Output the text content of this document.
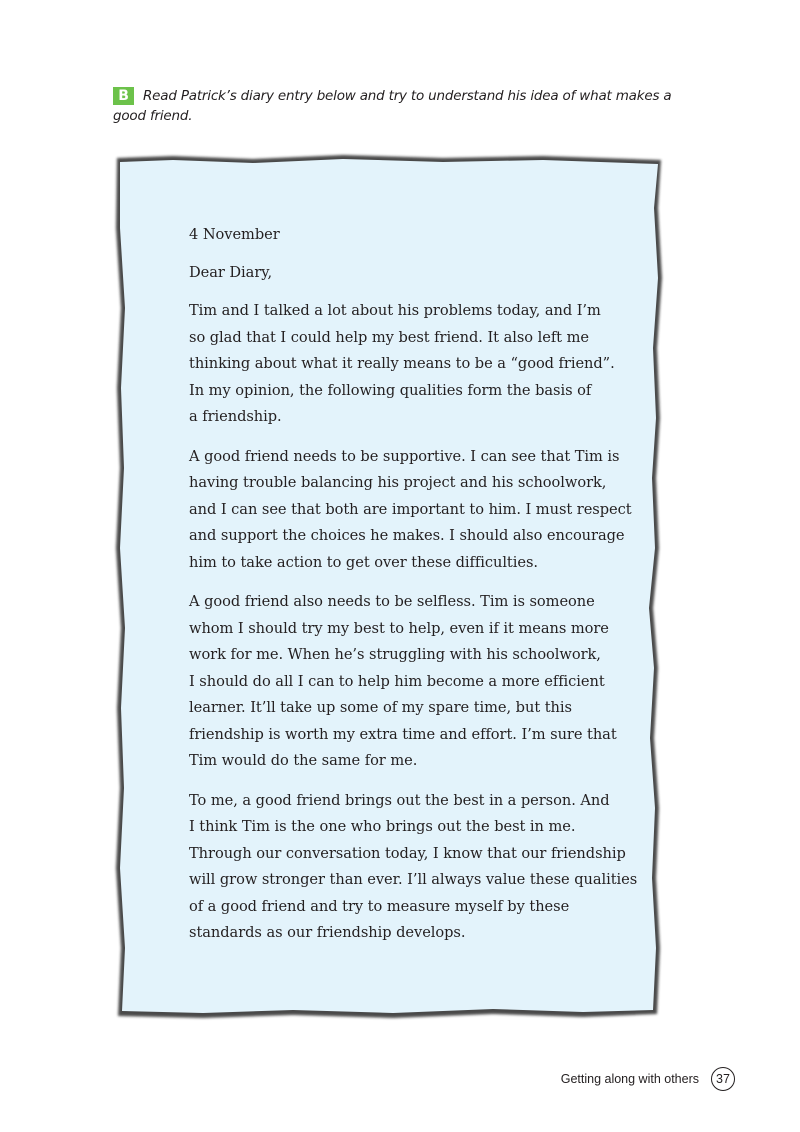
B Read Patrick’s diary entry below and try to understand his idea of what makes a good friend.

4 November

Dear Diary,

Tim and I talked a lot about his problems today, and I’m
so glad that I could help my best friend. It also left me
thinking about what it really means to be a “good friend”.
In my opinion, the following qualities form the basis of
a friendship.

A good friend needs to be supportive. I can see that Tim is
having trouble balancing his project and his schoolwork,
and I can see that both are important to him. I must respect
and support the choices he makes. I should also encourage
him to take action to get over these difficulties.

A good friend also needs to be selfless. Tim is someone
whom I should try my best to help, even if it means more
work for me. When he’s struggling with his schoolwork,
I should do all I can to help him become a more efficient
learner. It’ll take up some of my spare time, but this
friendship is worth my extra time and effort. I’m sure that
Tim would do the same for me.

To me, a good friend brings out the best in a person. And
I think Tim is the one who brings out the best in me.
Through our conversation today, I know that our friendship
will grow stronger than ever. I’ll always value these qualities
of a good friend and try to measure myself by these
standards as our friendship develops.

Getting along with others	37
